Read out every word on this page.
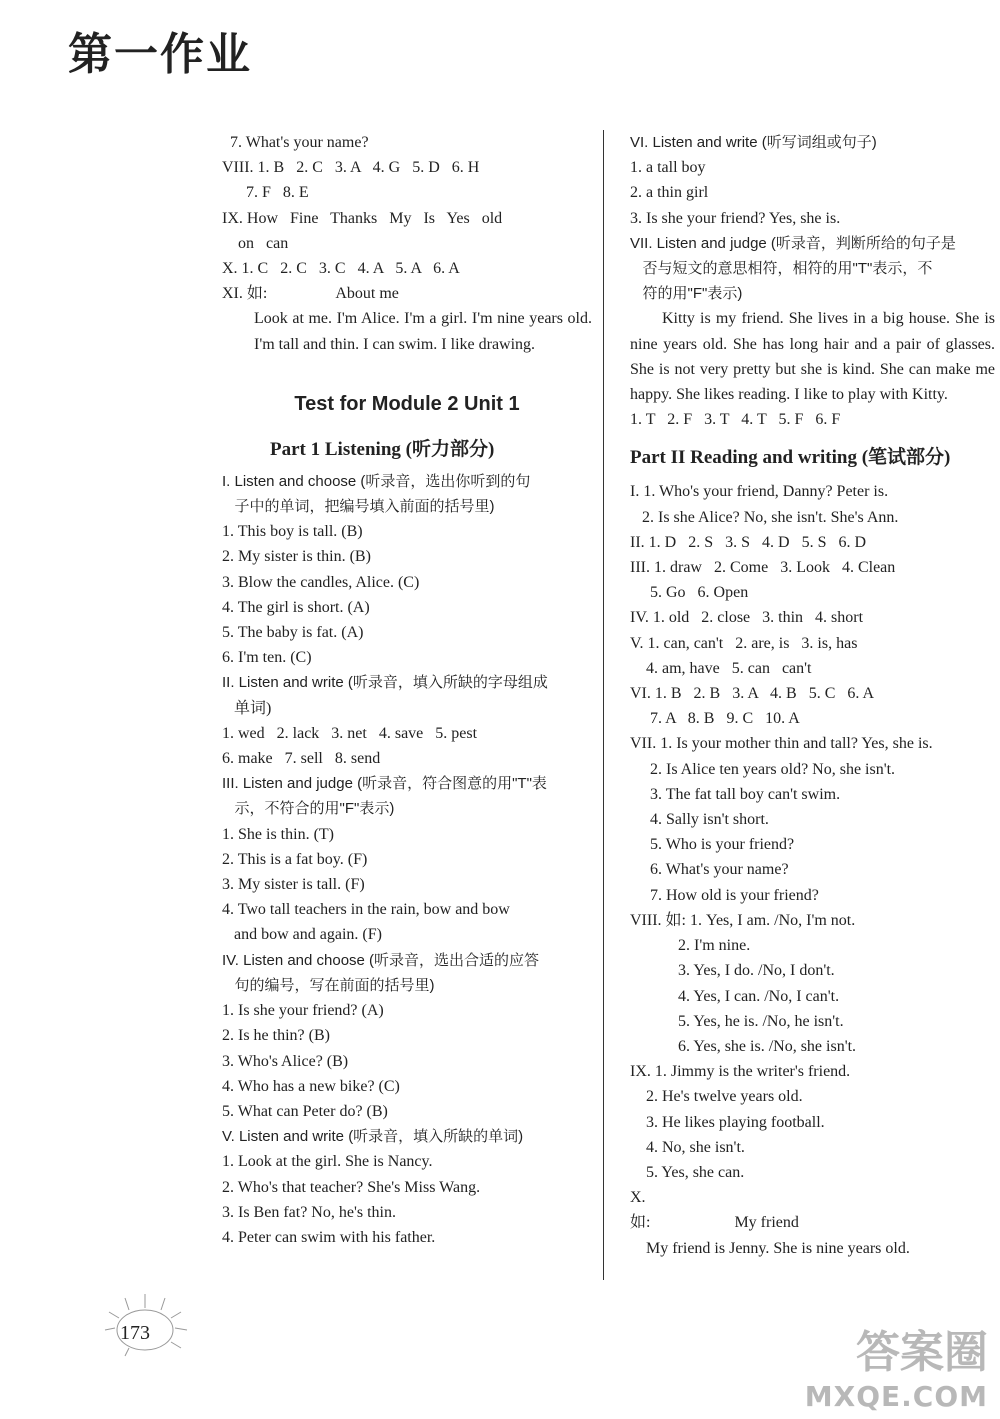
第一作业
7. What's your name?
VIII. 1. B   2. C   3. A   4. G   5. D   6. H
7. F   8. E
IX. How   Fine   Thanks   My   Is   Yes   old
on   can
X. 1. C   2. C   3. C   4. A   5. A   6. A
XI. 如:                 About me
Look at me. I'm Alice. I'm a girl. I'm nine years old. I'm tall and thin. I can swim. I like drawing.
Test for Module 2 Unit 1
Part 1 Listening (听力部分)
I. Listen and choose (听录音，选出你听到的句
子中的单词，把编号填入前面的括号里)
1. This boy is tall. (B)
2. My sister is thin. (B)
3. Blow the candles, Alice. (C)
4. The girl is short. (A)
5. The baby is fat. (A)
6. I'm ten. (C)
II. Listen and write (听录音，填入所缺的字母组成
单词)
1. wed   2. lack   3. net   4. save   5. pest
6. make   7. sell   8. send
III. Listen and judge (听录音，符合图意的用"T"表
示，不符合的用"F"表示)
1. She is thin. (T)
2. This is a fat boy. (F)
3. My sister is tall. (F)
4. Two tall teachers in the rain, bow and bow
and bow and again. (F)
IV. Listen and choose (听录音，选出合适的应答
句的编号，写在前面的括号里)
1. Is she your friend? (A)
2. Is he thin? (B)
3. Who's Alice? (B)
4. Who has a new bike? (C)
5. What can Peter do? (B)
V. Listen and write (听录音，填入所缺的单词)
1. Look at the girl. She is Nancy.
2. Who's that teacher? She's Miss Wang.
3. Is Ben fat? No, he's thin.
4. Peter can swim with his father.
VI. Listen and write (听写词组或句子)
1. a tall boy
2. a thin girl
3. Is she your friend? Yes, she is.
VII. Listen and judge (听录音，判断所给的句子是
否与短文的意思相符，相符的用"T"表示，不
符的用"F"表示)
Kitty is my friend. She lives in a big house. She is nine years old. She has long hair and a pair of glasses. She is not very pretty but she is kind. She can make me happy. She likes reading. I like to play with Kitty.
1. T   2. F   3. T   4. T   5. F   6. F
Part II Reading and writing (笔试部分)
I. 1. Who's your friend, Danny? Peter is.
2. Is she Alice? No, she isn't. She's Ann.
II. 1. D   2. S   3. S   4. D   5. S   6. D
III. 1. draw   2. Come   3. Look   4. Clean
5. Go   6. Open
IV. 1. old   2. close   3. thin   4. short
V. 1. can, can't   2. are, is   3. is, has
4. am, have   5. can   can't
VI. 1. B   2. B   3. A   4. B   5. C   6. A
7. A   8. B   9. C   10. A
VII. 1. Is your mother thin and tall? Yes, she is.
2. Is Alice ten years old? No, she isn't.
3. The fat tall boy can't swim.
4. Sally isn't short.
5. Who is your friend?
6. What's your name?
7. How old is your friend?
VIII. 如: 1. Yes, I am. /No, I'm not.
2. I'm nine.
3. Yes, I do. /No, I don't.
4. Yes, I can. /No, I can't.
5. Yes, he is. /No, he isn't.
6. Yes, she is. /No, she isn't.
IX. 1. Jimmy is the writer's friend.
2. He's twelve years old.
3. He likes playing football.
4. No, she isn't.
5. Yes, she can.
X.
如:                     My friend
My friend is Jenny. She is nine years old.
173	答案圈
MXQE.COM
